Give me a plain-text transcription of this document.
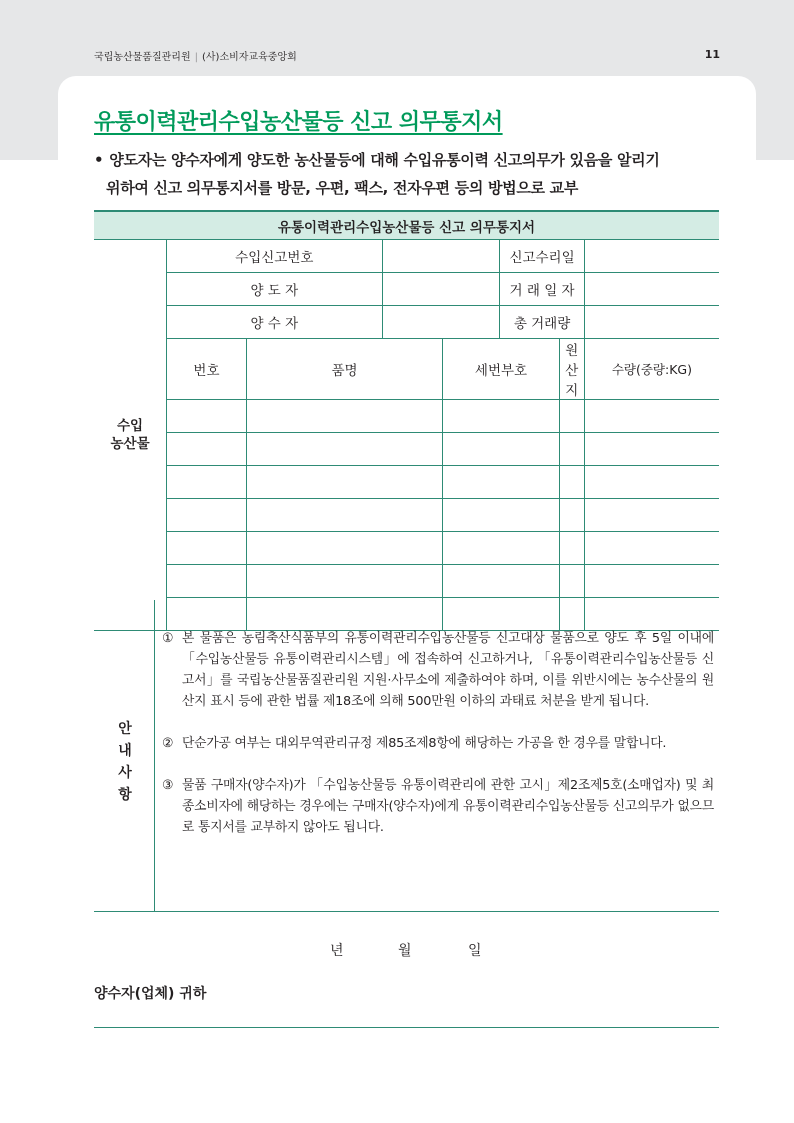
국립농산물품질관리원 | (사)소비자교육중앙회	11
유통이력관리수입농산물등 신고 의무통지서
• 양도자는 양수자에게 양도한 농산물등에 대해 수입유통이력 신고의무가 있음을 알리기
위하여 신고 의무통지서를 방문, 우편, 팩스, 전자우편 등의 방법으로 교부
유통이력관리수입농산물등 신고 의무통지서							

수입
농산물	수입신고번호				신고수리일		
	양 도 자				거 래 일 자		
	양 수 자				총 거래량		
	번호	품명		세번부호		원산지	수량(중량:KG)

안
내
사
항
① 본 물품은 농림축산식품부의 유통이력관리수입농산물등 신고대상 물품으로 양도 후 5일 이내에 「수입농산물등 유통이력관리시스템」에 접속하여 신고하거나, 「유통이력관리수입농산물등 신고서」를 국립농산물품질관리원 지원·사무소에 제출하여야 하며, 이를 위반시에는 농수산물의 원산지 표시 등에 관한 법률 제18조에 의해 500만원 이하의 과태료 처분을 받게 됩니다.
② 단순가공 여부는 대외무역관리규정 제85조제8항에 해당하는 가공을 한 경우를 말합니다.
③ 물품 구매자(양수자)가 「수입농산물등 유통이력관리에 관한 고시」제2조제5호(소매업자) 및 최종소비자에 해당하는 경우에는 구매자(양수자)에게 유통이력관리수입농산물등 신고의무가 없으므로 통지서를 교부하지 않아도 됩니다.
년	월	일
양수자(업체) 귀하
